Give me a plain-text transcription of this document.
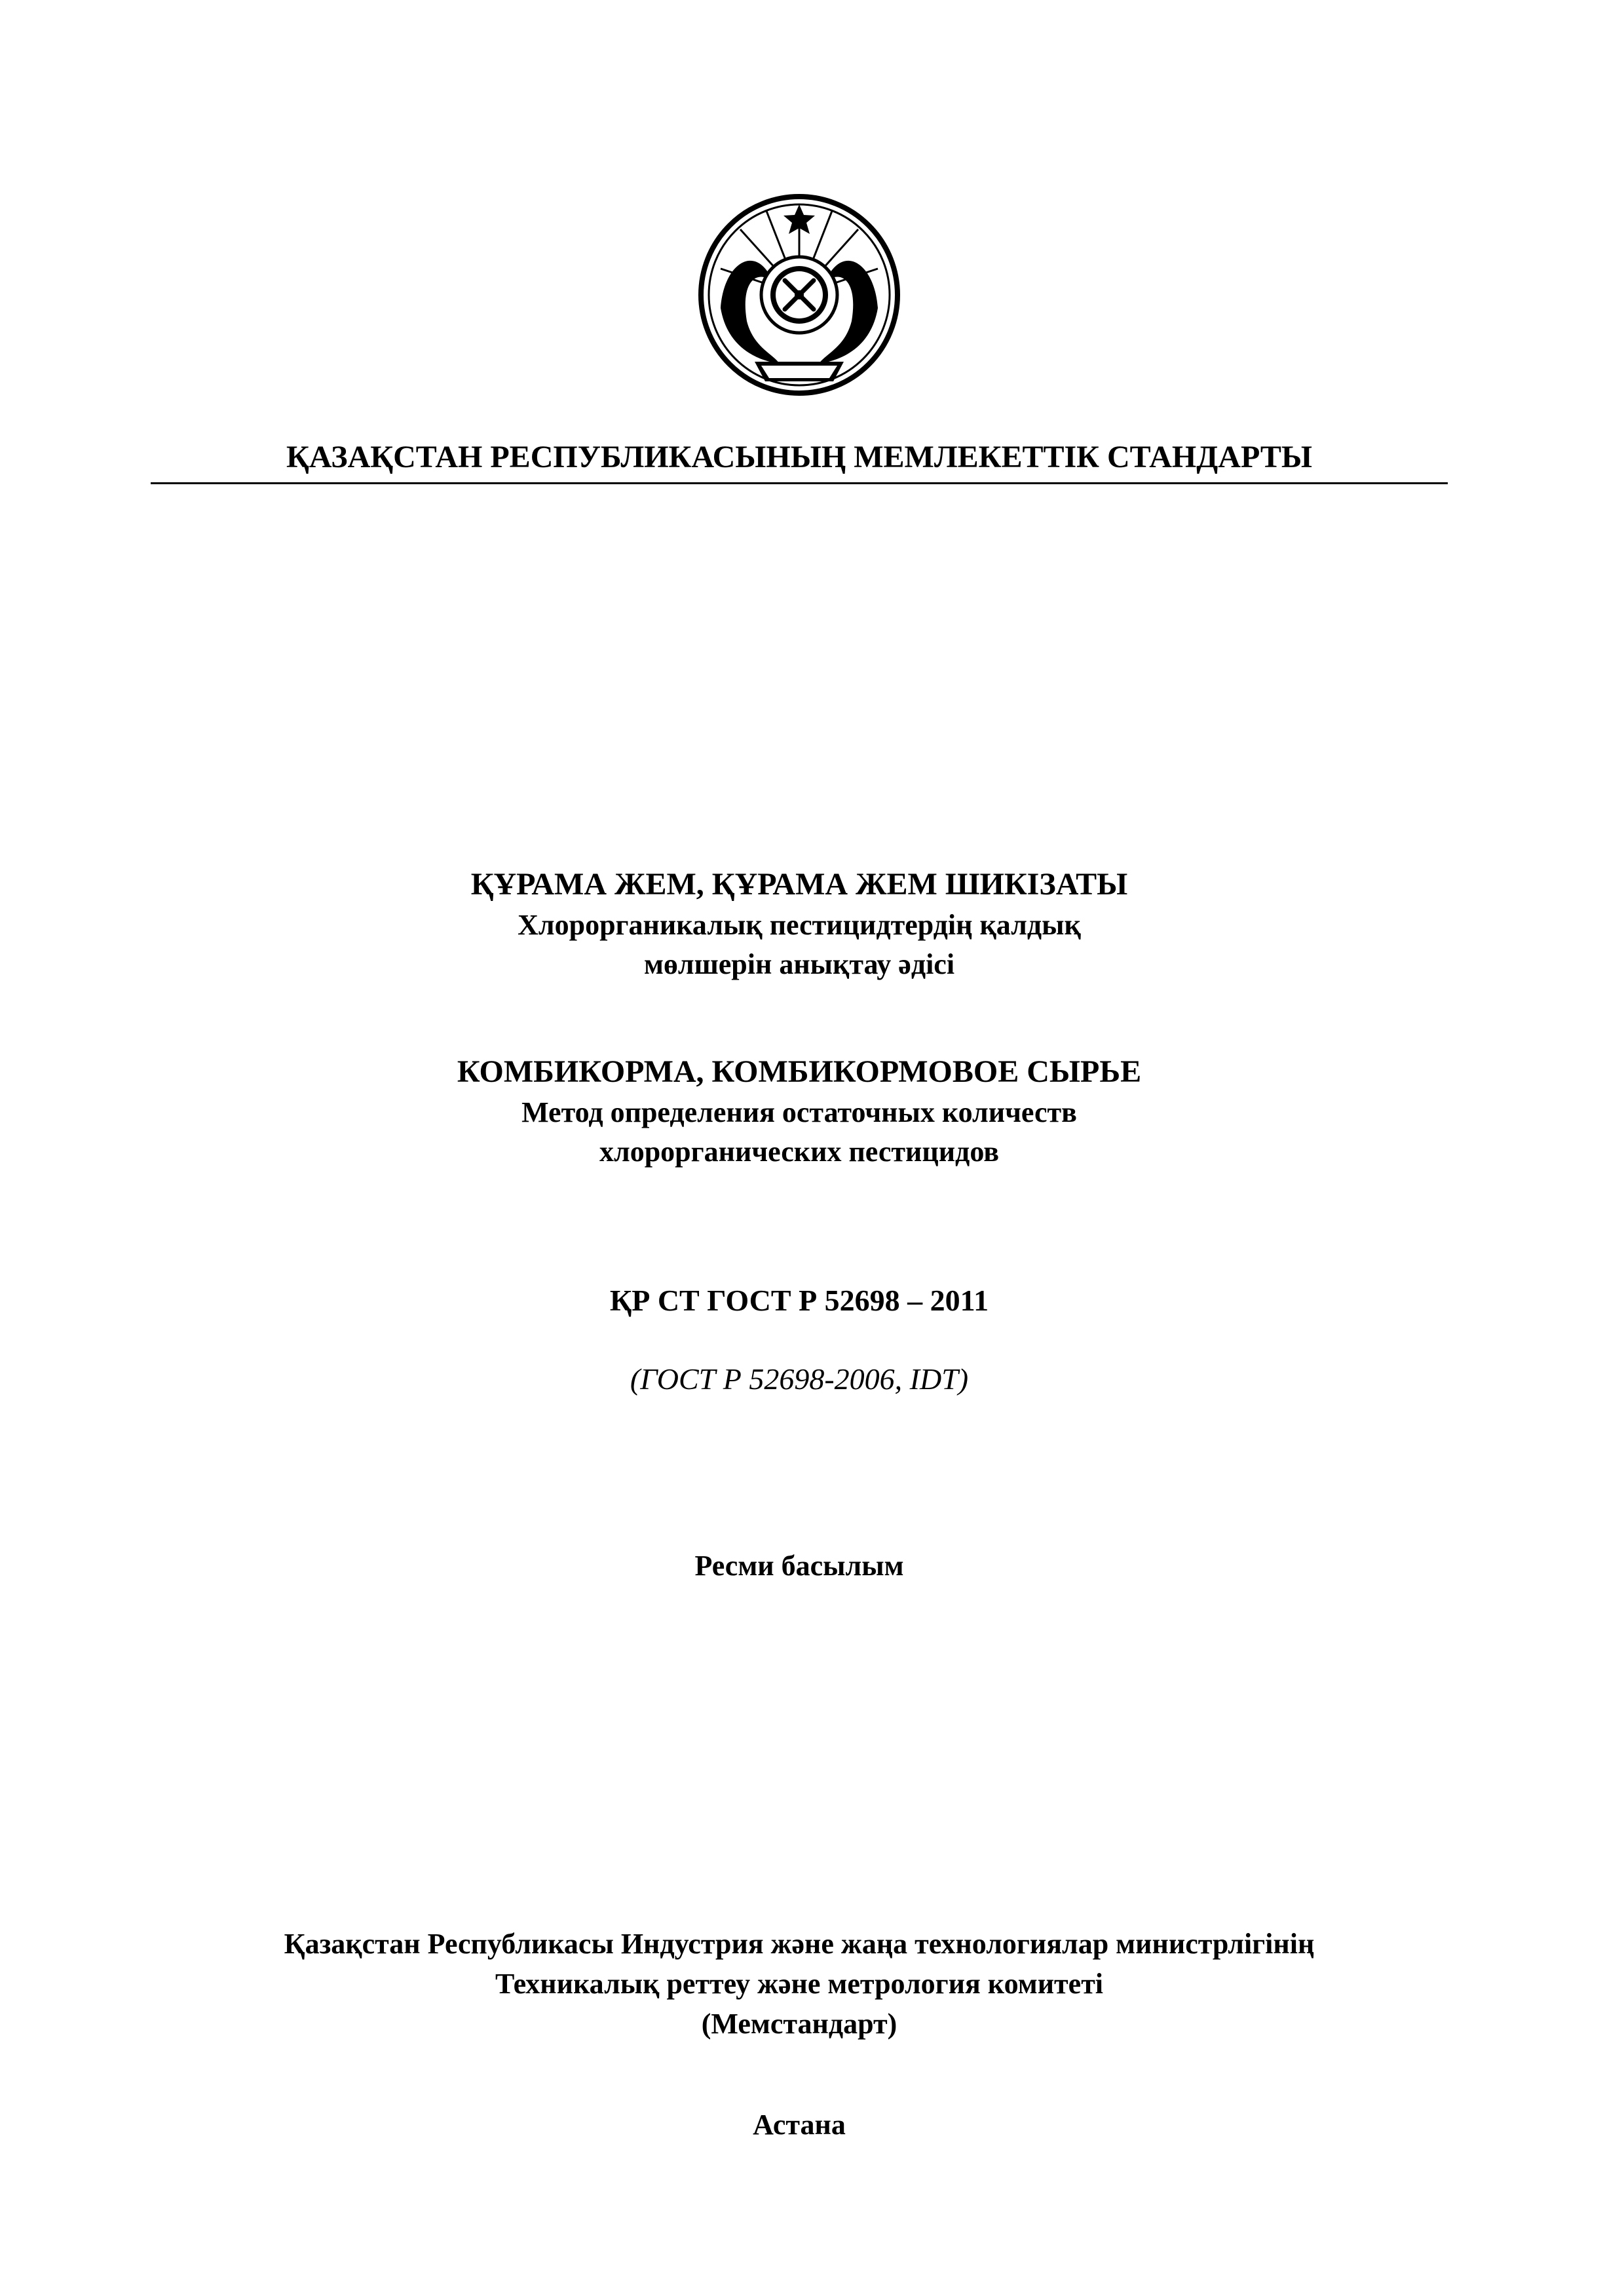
ҚАЗАҚСТАН РЕСПУБЛИКАСЫНЫҢ МЕМЛЕКЕТТІК СТАНДАРТЫ
ҚҰРАМА ЖЕМ, ҚҰРАМА ЖЕМ ШИКІЗАТЫ
Хлорорганикалық пестицидтердің қалдық
мөлшерін анықтау әдісі
КОМБИКОРМА, КОМБИКОРМОВОЕ СЫРЬЕ
Метод определения остаточных количеств
хлорорганических пестицидов
ҚР СТ ГОСТ Р 52698 – 2011
(ГОСТ Р 52698-2006, IDT)
Ресми басылым
Қазақстан Республикасы Индустрия және жаңа технологиялар министрлігінің
Техникалық реттеу және метрология комитеті
(Мемстандарт)
Астана
